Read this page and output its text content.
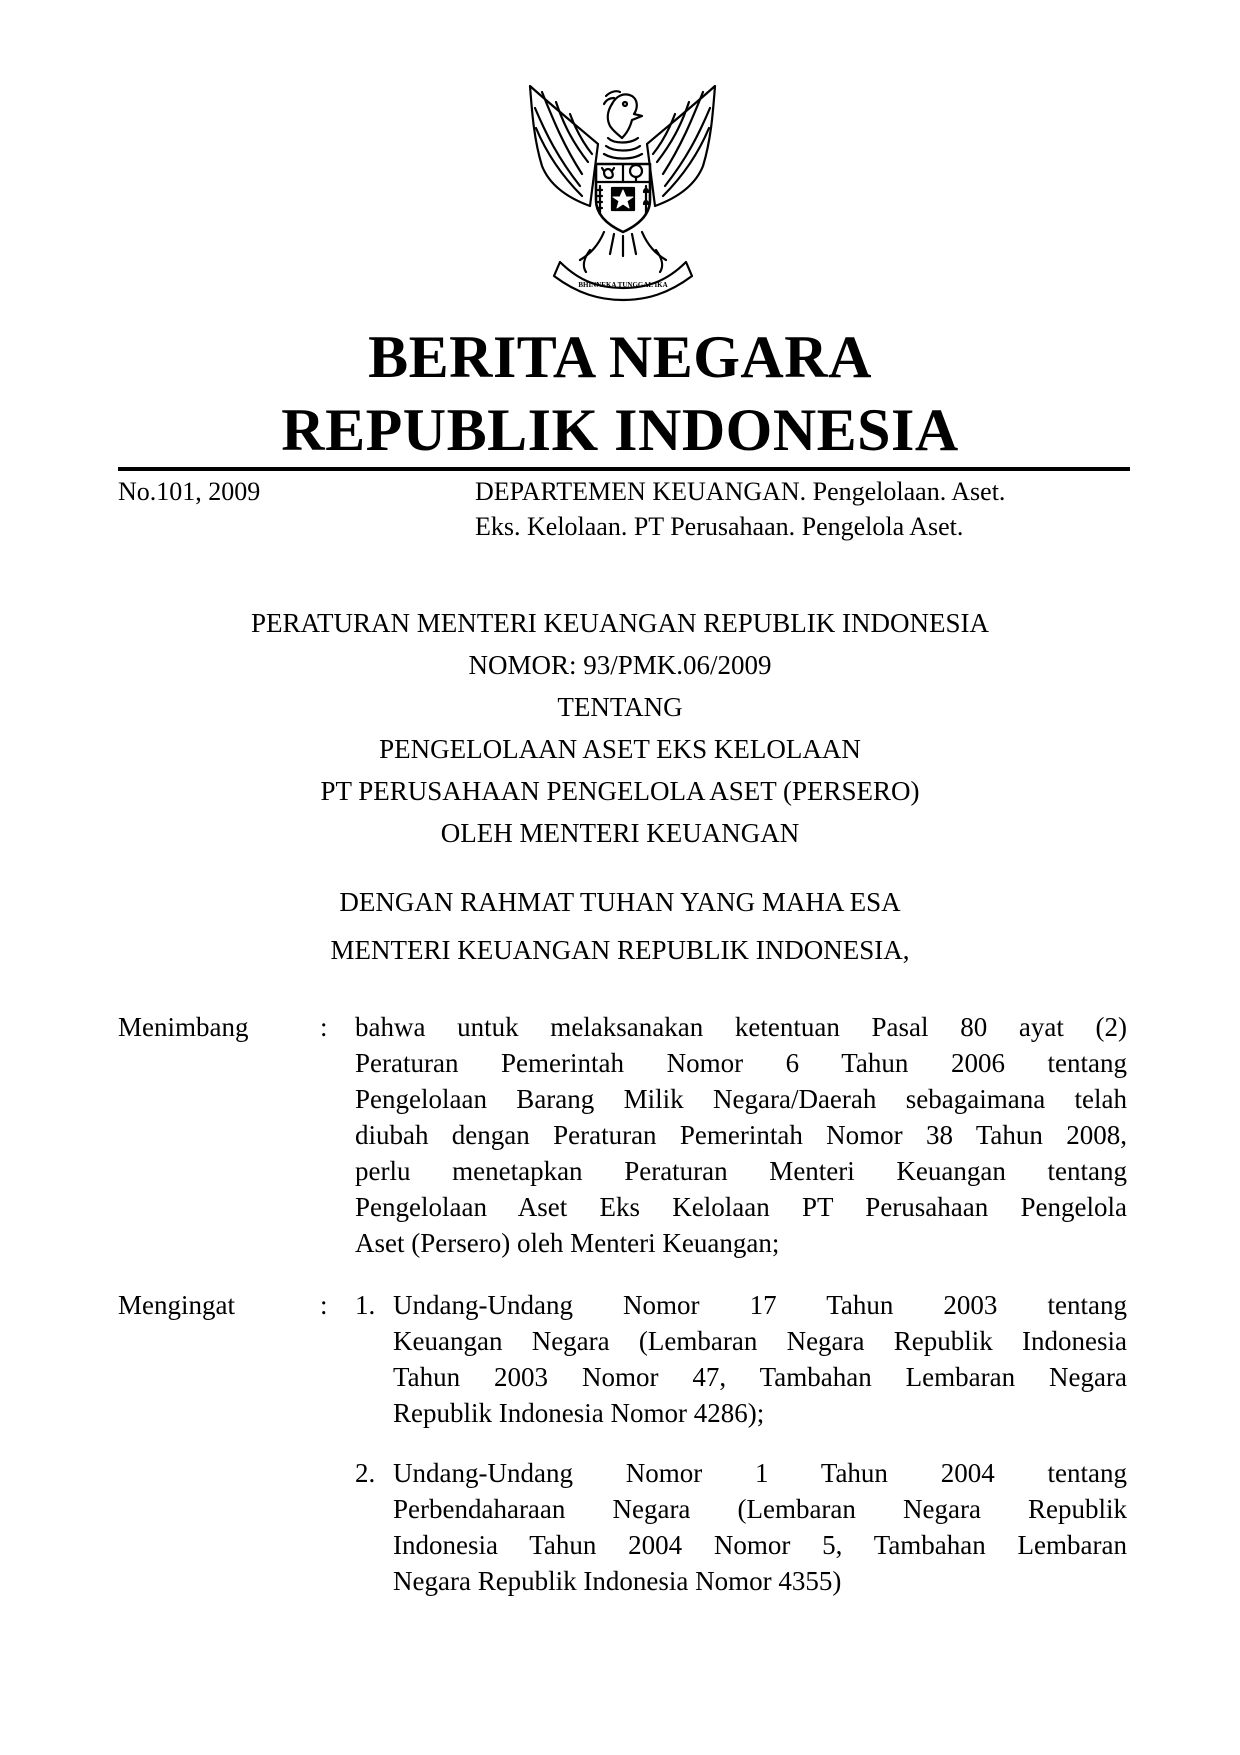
BHINNEKA TUNGGAL IKA
BERITA NEGARA
REPUBLIK INDONESIA
No.101, 2009	DEPARTEMEN KEUANGAN. Pengelolaan. Aset.
Eks. Kelolaan. PT Perusahaan. Pengelola Aset.
PERATURAN MENTERI KEUANGAN REPUBLIK INDONESIA
NOMOR: 93/PMK.06/2009
TENTANG
PENGELOLAAN ASET EKS KELOLAAN
PT PERUSAHAAN PENGELOLA ASET (PERSERO)
OLEH MENTERI KEUANGAN
DENGAN RAHMAT TUHAN YANG MAHA ESA
MENTERI KEUANGAN REPUBLIK INDONESIA,
Menimbang	: bahwa untuk melaksanakan ketentuan Pasal 80 ayat (2)
Peraturan Pemerintah Nomor 6 Tahun 2006 tentang
Pengelolaan Barang Milik Negara/Daerah sebagaimana telah
diubah dengan Peraturan Pemerintah Nomor 38 Tahun 2008,
perlu menetapkan Peraturan Menteri Keuangan tentang
Pengelolaan Aset Eks Kelolaan PT Perusahaan Pengelola
Aset (Persero) oleh Menteri Keuangan;
Mengingat	: 1. Undang-Undang Nomor 17 Tahun 2003 tentang
Keuangan Negara (Lembaran Negara Republik Indonesia
Tahun 2003 Nomor 47, Tambahan Lembaran Negara
Republik Indonesia Nomor 4286);
2. Undang-Undang Nomor 1 Tahun 2004 tentang
Perbendaharaan Negara (Lembaran Negara Republik
Indonesia Tahun 2004 Nomor 5, Tambahan Lembaran
Negara Republik Indonesia Nomor 4355)
